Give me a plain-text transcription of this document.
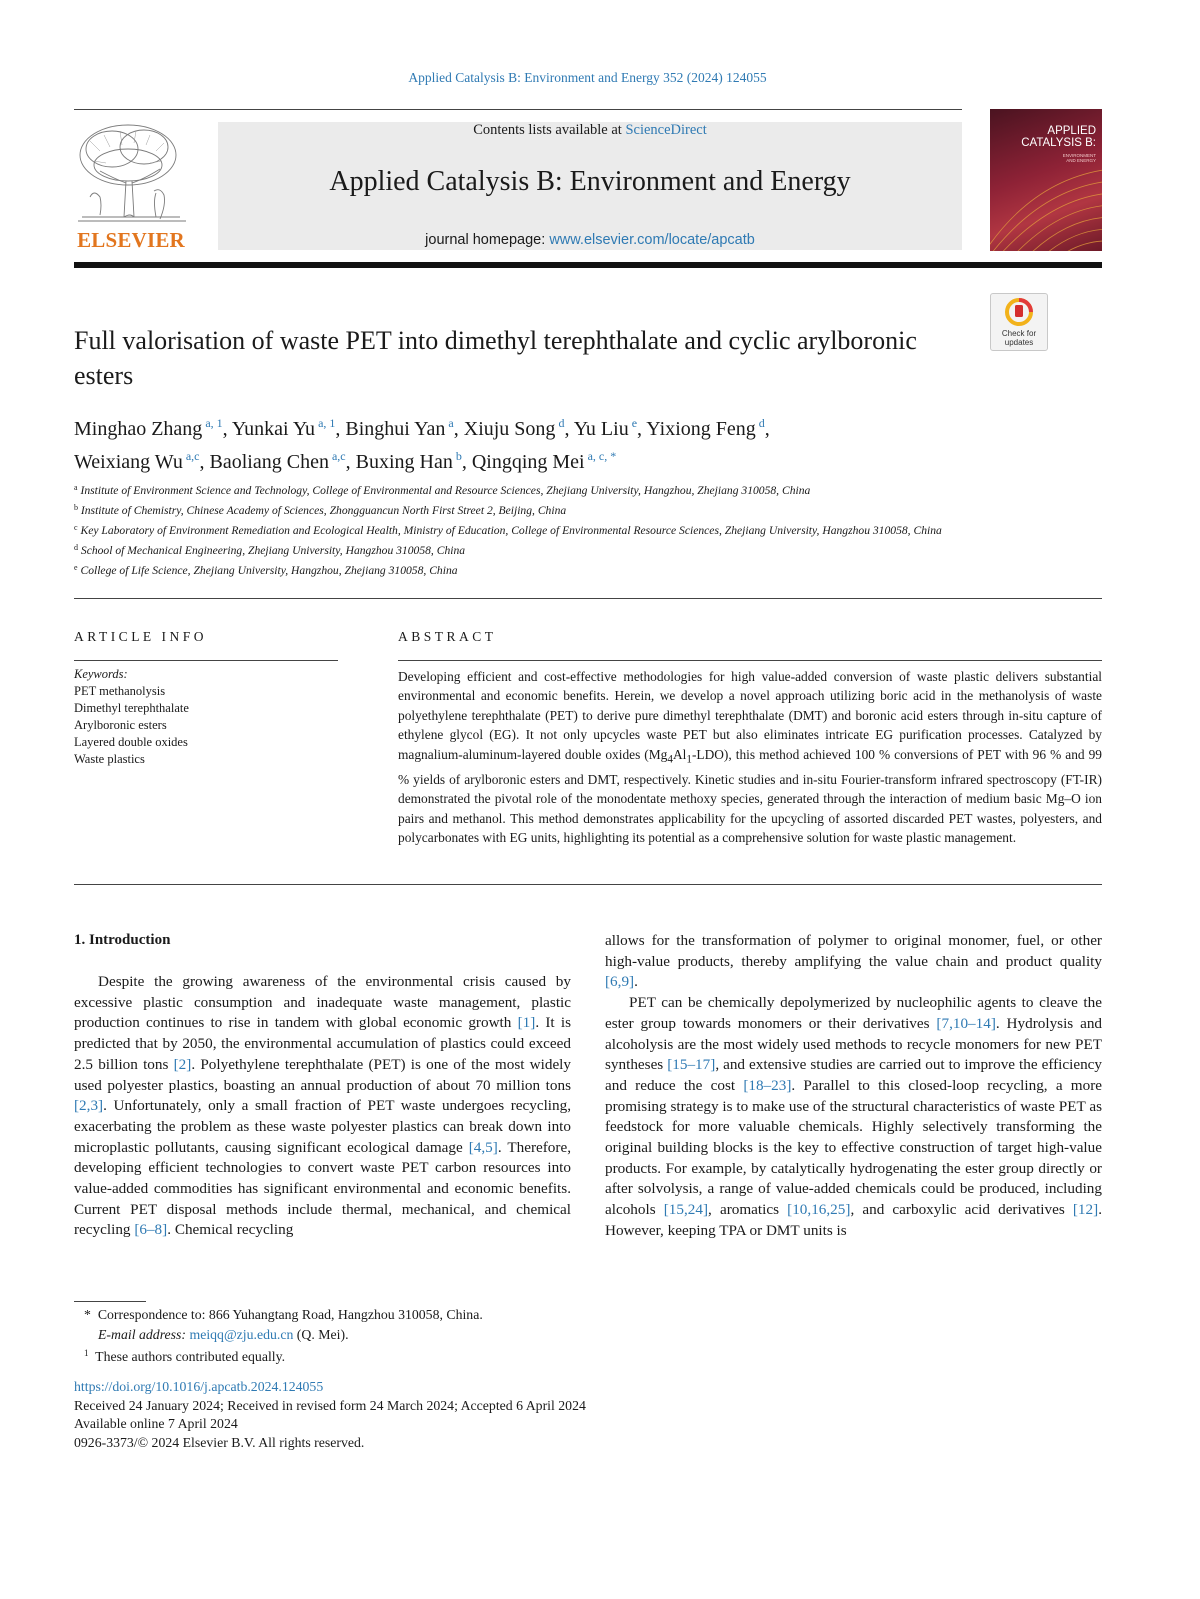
Applied Catalysis B: Environment and Energy 352 (2024) 124055
ELSEVIER
Contents lists available at ScienceDirect
Applied Catalysis B: Environment and Energy
journal homepage: www.elsevier.com/locate/apcatb
APPLIED
CATALYSIS B:
ENVIRONMENT
AND ENERGY
Check for
updates
Full valorisation of waste PET into dimethyl terephthalate and cyclic arylboronic esters
Minghao Zhang $^{a, 1}$, Yunkai Yu $^{a, 1}$, Binghui Yan $^a$, Xiuju Song $^d$, Yu Liu $^e$, Yixiong Feng $^d$,
Weixiang Wu $^{a,c}$, Baoliang Chen $^{a,c}$, Buxing Han $^b$, Qingqing Mei $^{a, c, *}$
$^a$ Institute of Environment Science and Technology, College of Environmental and Resource Sciences, Zhejiang University, Hangzhou, Zhejiang 310058, China
$^b$ Institute of Chemistry, Chinese Academy of Sciences, Zhongguancun North First Street 2, Beijing, China
$^c$ Key Laboratory of Environment Remediation and Ecological Health, Ministry of Education, College of Environmental Resource Sciences, Zhejiang University, Hangzhou 310058, China
$^d$ School of Mechanical Engineering, Zhejiang University, Hangzhou 310058, China
$^e$ College of Life Science, Zhejiang University, Hangzhou, Zhejiang 310058, China
ARTICLE INFO	ABSTRACT
Keywords:
PET methanolysis
Dimethyl terephthalate
Arylboronic esters
Layered double oxides
Waste plastics
Developing efficient and cost-effective methodologies for high value-added conversion of waste plastic delivers substantial environmental and economic benefits. Herein, we develop a novel approach utilizing boric acid in the methanolysis of waste polyethylene terephthalate (PET) to derive pure dimethyl terephthalate (DMT) and boronic acid esters through in-situ capture of ethylene glycol (EG). It not only upcycles waste PET but also eliminates intricate EG purification processes. Catalyzed by magnalium-aluminum-layered double oxides $(Mg_4Al_1-LDO)$, this method achieved 100 % conversions of PET with 96 % and 99 % yields of arylboronic esters and DMT, respectively. Kinetic studies and in-situ Fourier-transform infrared spectroscopy (FT-IR) demonstrated the pivotal role of the monodentate methoxy species, generated through the interaction of medium basic Mg–O ion pairs and methanol. This method demonstrates applicability for the upcycling of assorted discarded PET wastes, polyesters, and polycarbonates with EG units, highlighting its potential as a comprehensive solution for waste plastic management.
1. Introduction

Despite the growing awareness of the environmental crisis caused by excessive plastic consumption and inadequate waste management, plastic production continues to rise in tandem with global economic growth [1]. It is predicted that by 2050, the environmental accumulation of plastics could exceed 2.5 billion tons [2]. Polyethylene terephthalate (PET) is one of the most widely used polyester plastics, boasting an annual production of about 70 million tons [2,3]. Unfortunately, only a small fraction of PET waste undergoes recycling, exacerbating the problem as these waste polyester plastics can break down into microplastic pollutants, causing significant ecological damage [4,5]. Therefore, developing efficient technologies to convert waste PET carbon resources into value-added commodities has significant environmental and economic benefits. Current PET disposal methods include thermal, mechanical, and chemical recycling [6–8]. Chemical recycling

allows for the transformation of polymer to original monomer, fuel, or other high-value products, thereby amplifying the value chain and product quality [6,9].

PET can be chemically depolymerized by nucleophilic agents to cleave the ester group towards monomers or their derivatives [7,10–14]. Hydrolysis and alcoholysis are the most widely used methods to recycle monomers for new PET syntheses [15–17], and extensive studies are carried out to improve the efficiency and reduce the cost [18–23]. Parallel to this closed-loop recycling, a more promising strategy is to make use of the structural characteristics of waste PET as feedstock for more valuable chemicals. Highly selectively transforming the original building blocks is the key to effective construction of target high-value products. For example, by catalytically hydrogenating the ester group directly or after solvolysis, a range of value-added chemicals could be produced, including alcohols [15,24], aromatics [10,16,25], and carboxylic acid derivatives [12]. However, keeping TPA or DMT units is

* Correspondence to: 866 Yuhangtang Road, Hangzhou 310058, China.
E-mail address: meiqq@zju.edu.cn (Q. Mei).
$^1$ These authors contributed equally.
https://doi.org/10.1016/j.apcatb.2024.124055
Received 24 January 2024; Received in revised form 24 March 2024; Accepted 6 April 2024
Available online 7 April 2024
0926-3373/© 2024 Elsevier B.V. All rights reserved.
